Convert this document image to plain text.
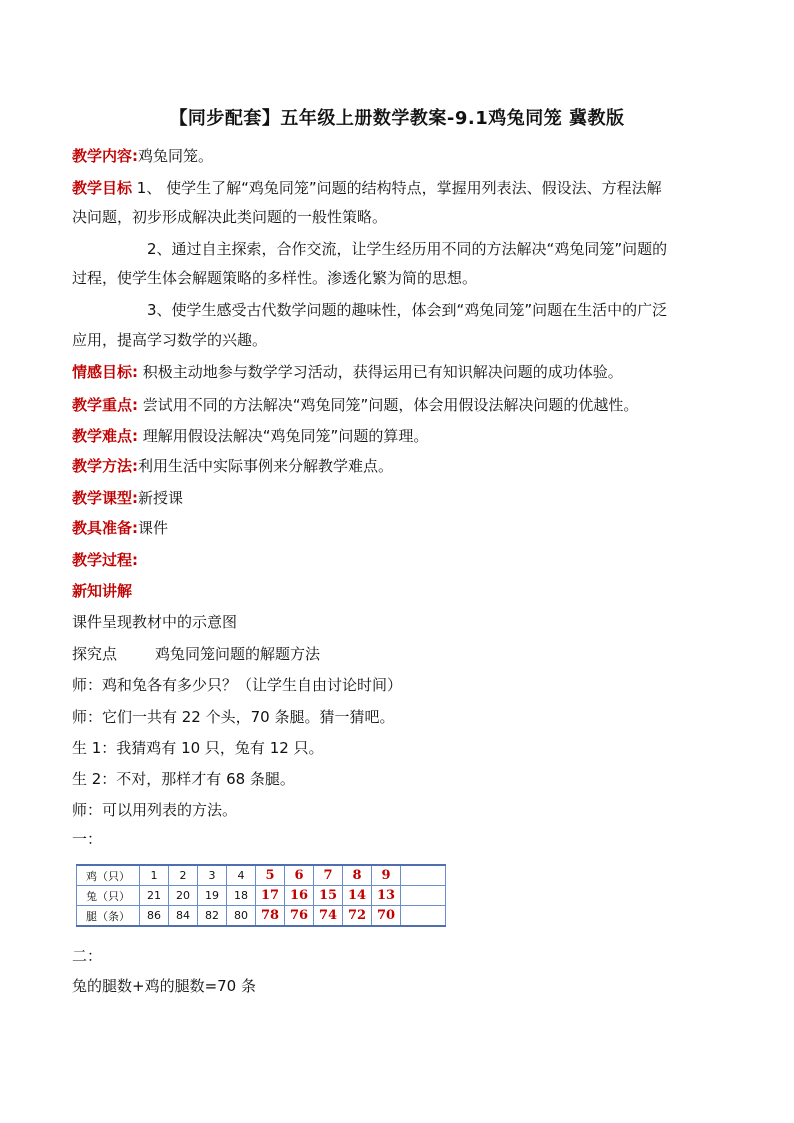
【同步配套】五年级上册数学教案-9.1鸡兔同笼 冀教版
教学内容:鸡兔同笼。
教学目标 1、 使学生了解“鸡兔同笼”问题的结构特点，掌握用列表法、假设法、方程法解
决问题，初步形成解决此类问题的一般性策略。
2、通过自主探索，合作交流，让学生经历用不同的方法解决“鸡兔同笼”问题的
过程，使学生体会解题策略的多样性。渗透化繁为简的思想。
3、使学生感受古代数学问题的趣味性，体会到“鸡兔同笼”问题在生活中的广泛
应用，提高学习数学的兴趣。
情感目标: 积极主动地参与数学学习活动，获得运用已有知识解决问题的成功体验。
教学重点: 尝试用不同的方法解决“鸡兔同笼”问题，体会用假设法解决问题的优越性。
教学难点: 理解用假设法解决“鸡兔同笼”问题的算理。
教学方法:利用生活中实际事例来分解教学难点。
教学课型:新授课
教具准备:课件
教学过程:
新知讲解
课件呈现教材中的示意图
探究点	鸡兔同笼问题的解题方法
师：鸡和兔各有多少只？（让学生自由讨论时间）
师：它们一共有 22 个头，70 条腿。猜一猜吧。
生 1：我猜鸡有 10 只，兔有 12 只。
生 2：不对，那样才有 68 条腿。
师：可以用列表的方法。
一：
鸡（只）	1	2	3	4	5	6	7	8	9	
兔（只）	21	20	19	18	17	16	15	14	13	
腿（条）	86	84	82	80	78	76	74	72	70	
二：
兔的腿数+鸡的腿数=70 条
